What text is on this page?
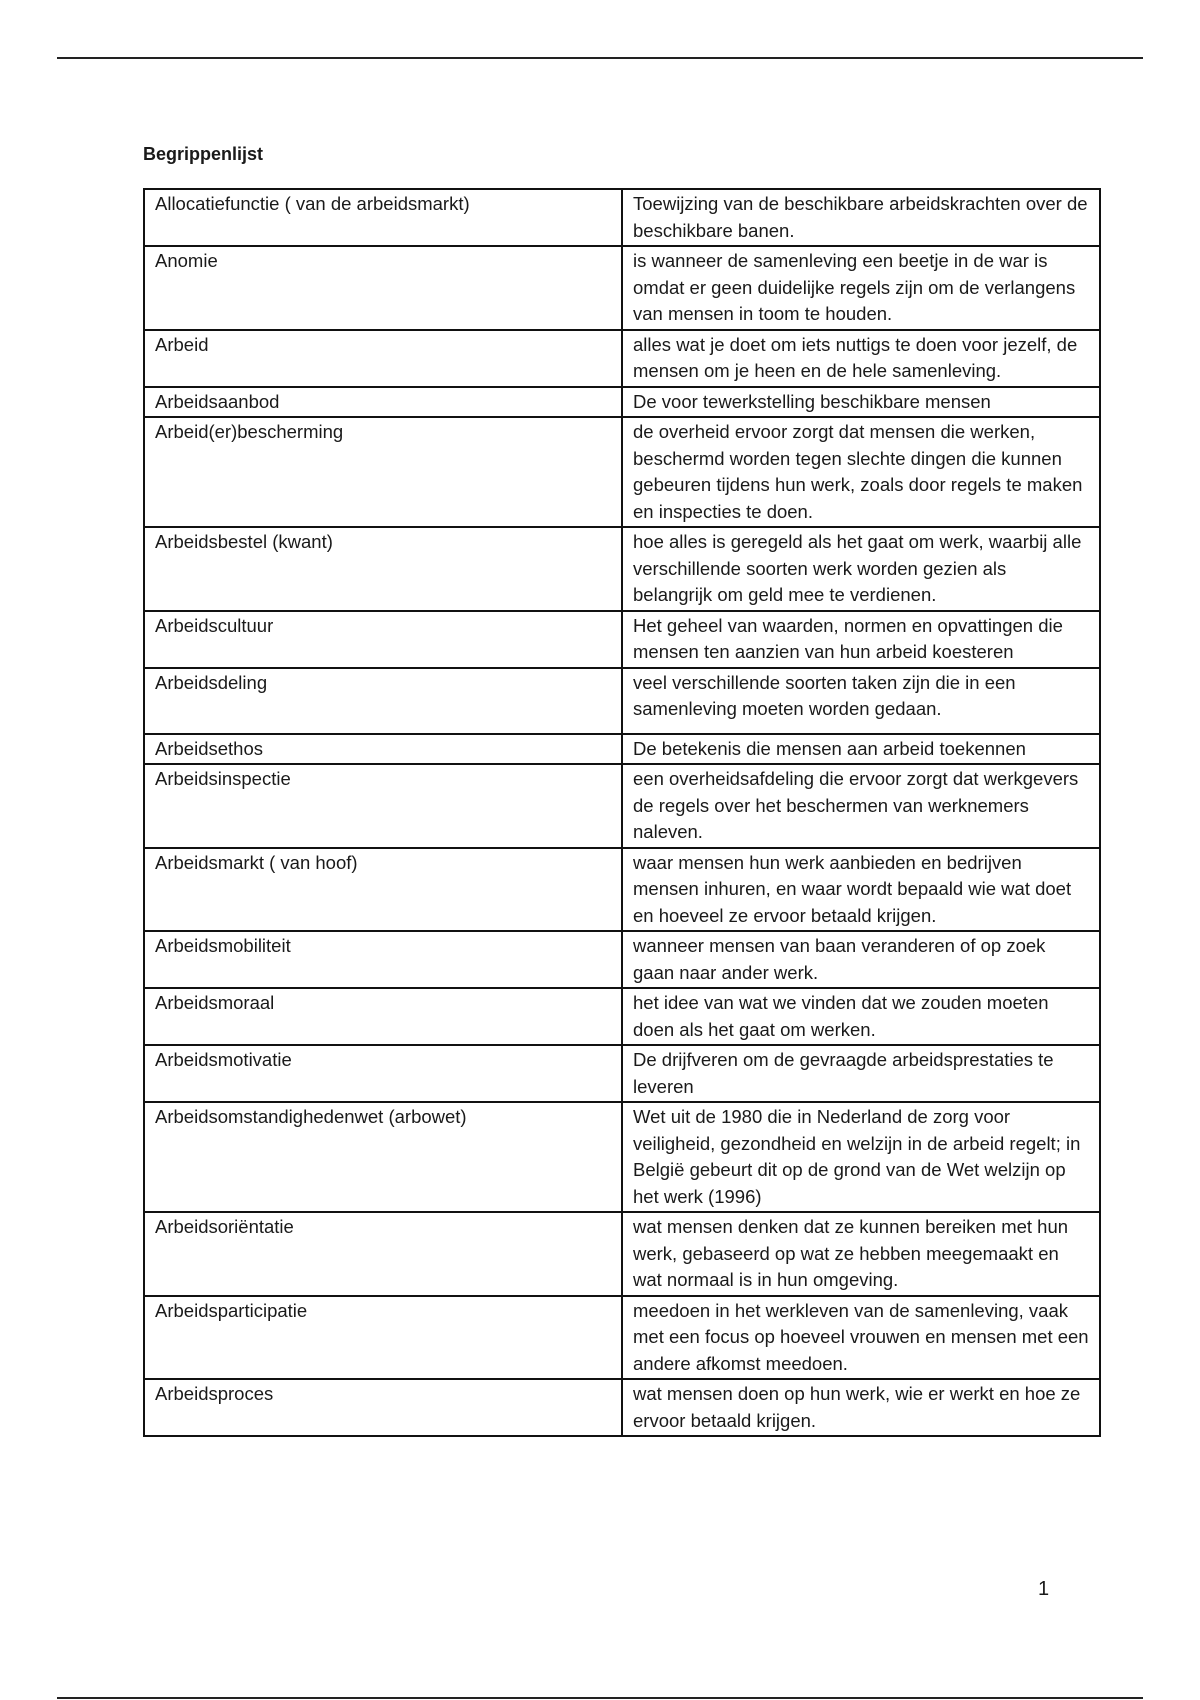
Begrippenlijst
Allocatiefunctie ( van de arbeidsmarkt)	Toewijzing van de beschikbare arbeidskrachten over de beschikbare banen.
Anomie	is wanneer de samenleving een beetje in de war is omdat er geen duidelijke regels zijn om de verlangens van mensen in toom te houden.
Arbeid	alles wat je doet om iets nuttigs te doen voor jezelf, de mensen om je heen en de hele samenleving.
Arbeidsaanbod	De voor tewerkstelling beschikbare mensen
Arbeid(er)bescherming	de overheid ervoor zorgt dat mensen die werken, beschermd worden tegen slechte dingen die kunnen gebeuren tijdens hun werk, zoals door regels te maken en inspecties te doen.
Arbeidsbestel (kwant)	hoe alles is geregeld als het gaat om werk, waarbij alle verschillende soorten werk worden gezien als belangrijk om geld mee te verdienen.
Arbeidscultuur	Het geheel van waarden, normen en opvattingen die mensen ten aanzien van hun arbeid koesteren
Arbeidsdeling	veel verschillende soorten taken zijn die in een samenleving moeten worden gedaan.
Arbeidsethos	De betekenis die mensen aan arbeid toekennen
Arbeidsinspectie	een overheidsafdeling die ervoor zorgt dat werkgevers de regels over het beschermen van werknemers naleven.
Arbeidsmarkt ( van hoof)	waar mensen hun werk aanbieden en bedrijven mensen inhuren, en waar wordt bepaald wie wat doet en hoeveel ze ervoor betaald krijgen.
Arbeidsmobiliteit	wanneer mensen van baan veranderen of op zoek gaan naar ander werk.
Arbeidsmoraal	het idee van wat we vinden dat we zouden moeten doen als het gaat om werken.
Arbeidsmotivatie	De drijfveren om de gevraagde arbeidsprestaties te leveren
Arbeidsomstandighedenwet (arbowet)	Wet uit de 1980 die in Nederland de zorg voor veiligheid, gezondheid en welzijn in de arbeid regelt; in België gebeurt dit op de grond van de Wet welzijn op het werk (1996)
Arbeidsoriëntatie	wat mensen denken dat ze kunnen bereiken met hun werk, gebaseerd op wat ze hebben meegemaakt en wat normaal is in hun omgeving.
Arbeidsparticipatie	meedoen in het werkleven van de samenleving, vaak met een focus op hoeveel vrouwen en mensen met een andere afkomst meedoen.
Arbeidsproces	wat mensen doen op hun werk, wie er werkt en hoe ze ervoor betaald krijgen.

1
